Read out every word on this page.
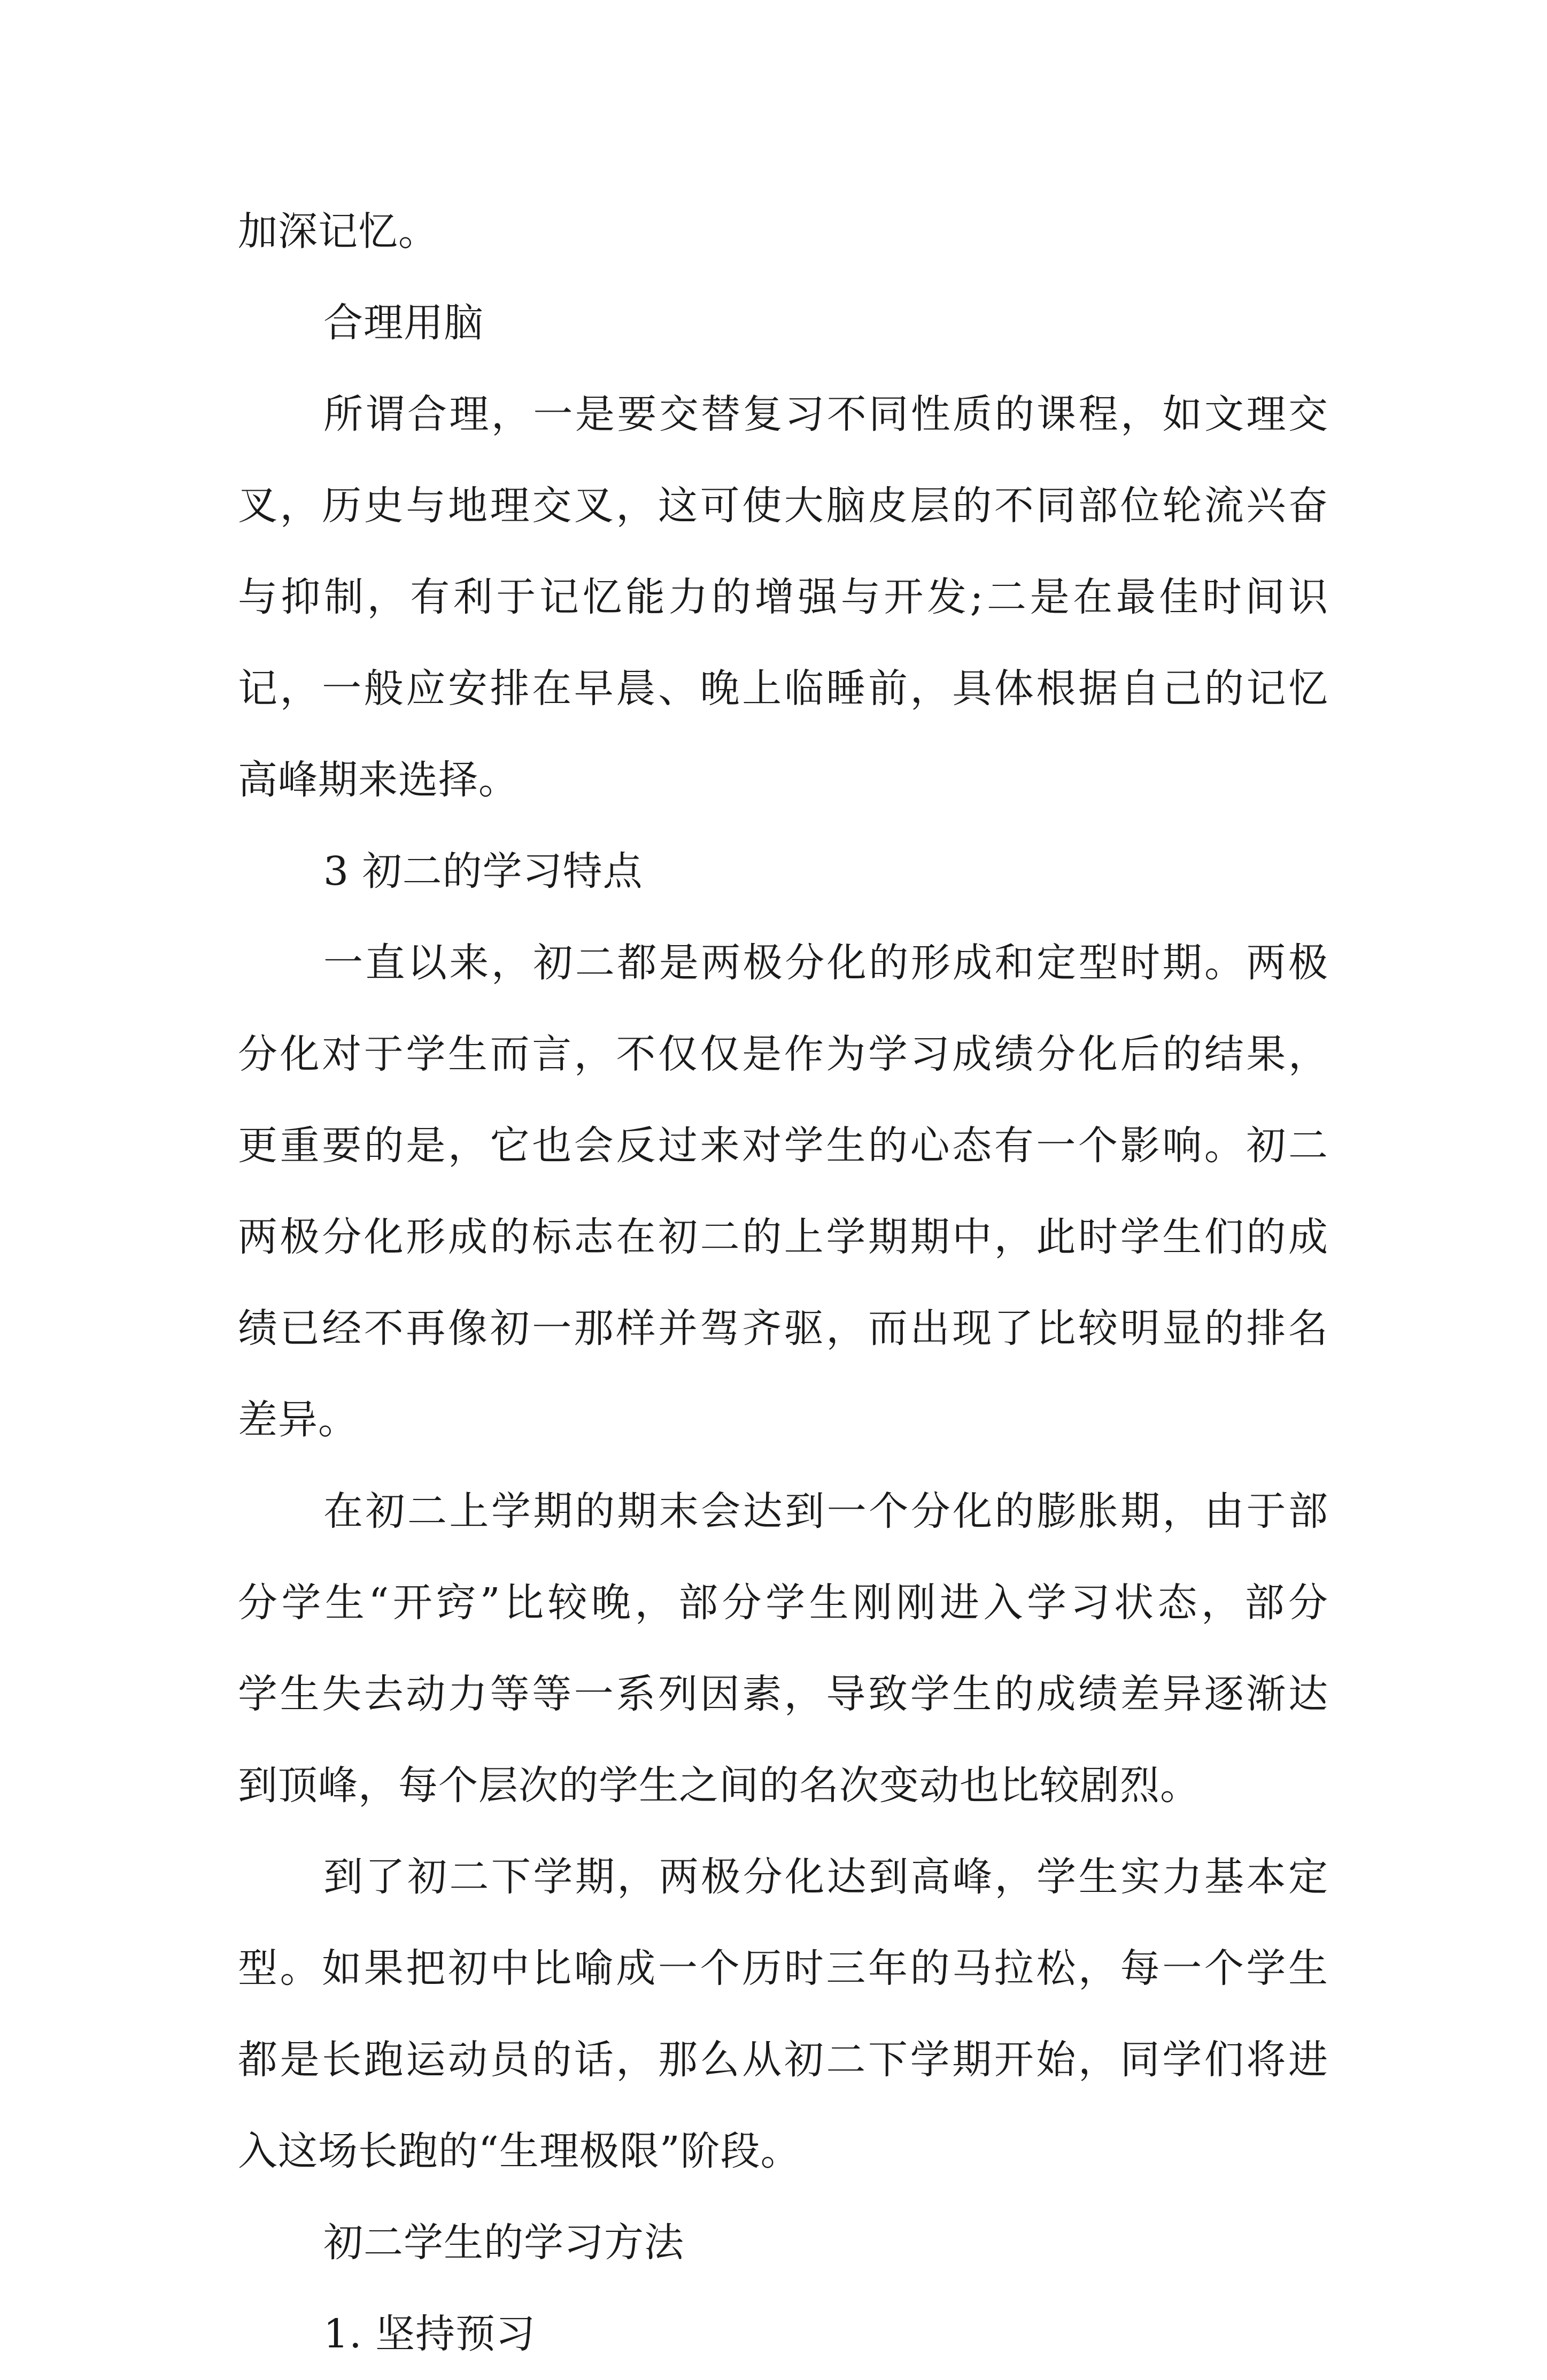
加深记忆。
合理用脑
所谓合理，一是要交替复习不同性质的课程，如文理交
叉，历史与地理交叉，这可使大脑皮层的不同部位轮流兴奋
与抑制，有利于记忆能力的增强与开发;二是在最佳时间识
记，一般应安排在早晨、晚上临睡前，具体根据自己的记忆
高峰期来选择。
3 初二的学习特点
一直以来，初二都是两极分化的形成和定型时期。两极
分化对于学生而言，不仅仅是作为学习成绩分化后的结果，
更重要的是，它也会反过来对学生的心态有一个影响。初二
两极分化形成的标志在初二的上学期期中，此时学生们的成
绩已经不再像初一那样并驾齐驱，而出现了比较明显的排名
差异。
在初二上学期的期末会达到一个分化的膨胀期，由于部
分学生“开窍”比较晚，部分学生刚刚进入学习状态，部分
学生失去动力等等一系列因素，导致学生的成绩差异逐渐达
到顶峰，每个层次的学生之间的名次变动也比较剧烈。
到了初二下学期，两极分化达到高峰，学生实力基本定
型。如果把初中比喻成一个历时三年的马拉松，每一个学生
都是长跑运动员的话，那么从初二下学期开始，同学们将进
入这场长跑的“生理极限”阶段。
初二学生的学习方法
1. 坚持预习
